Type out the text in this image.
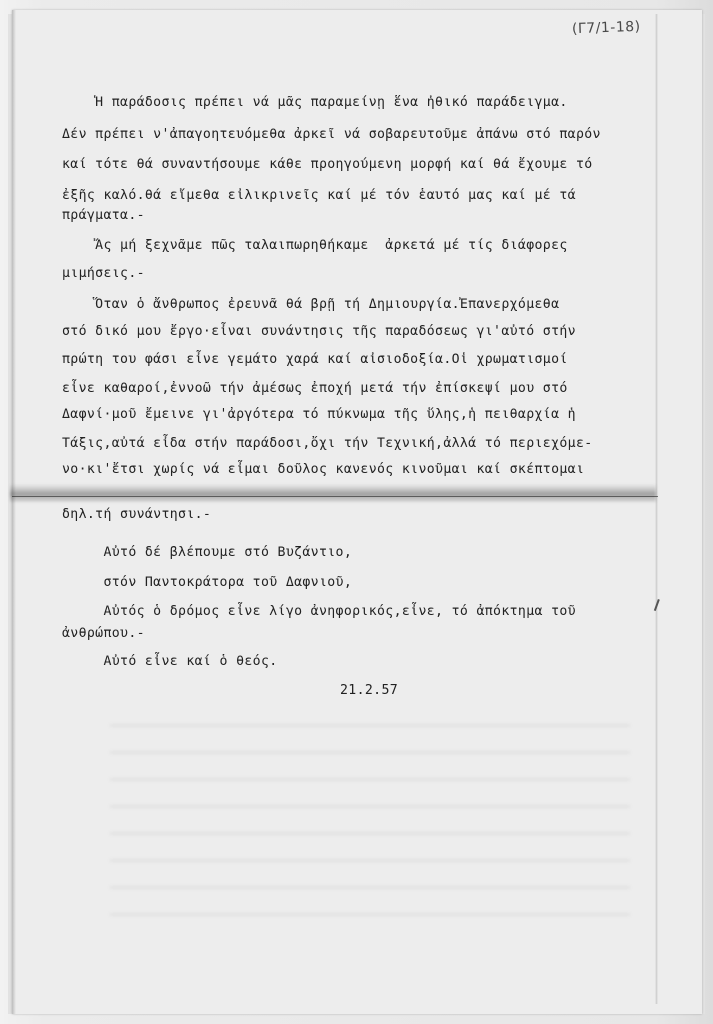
(Γ7/1-18)
Ἡ παράδοσις πρέπει νά μᾶς παραμείνῃ ἕνα ἠθικό παράδειγμα.
Δέν πρέπει ν'ἀπαγοητευόμεθα ἀρκεῖ νά σοβαρευτοῦμε ἀπάνω στό παρόν
καί τότε θά συναντήσουμε κάθε προηγούμενη μορφή καί θά ἔχουμε τό
ἐξῆς καλό.θά εἴμεθα εἰλικρινεῖς καί μέ τόν ἑαυτό μας καί μέ τά
πράγματα.-
Ἄς μή ξεχνᾶμε πῶς ταλαιπωρηθήκαμε  ἀρκετά μέ τίς διάφορες
μιμήσεις.-
Ὅταν ὁ ἄνθρωπος ἐρευνᾶ θά βρῇ τή Δημιουργία.Ἐπανερχόμεθα
στό δικό μου ἔργο·εἶναι συνάντησις τῆς παραδόσεως γι'αὐτό στήν
πρώτη του φάσι εἶνε γεμάτο χαρά καί αἰσιοδοξία.Οἱ χρωματισμοί
εἶνε καθαροί,ἐννοῶ τήν ἀμέσως ἐποχή μετά τήν ἐπίσκεψί μου στό
Δαφνί·μοῦ ἔμεινε γι'ἀργότερα τό πύκνωμα τῆς ὕλης,ἡ πειθαρχία ἡ
Τάξις,αὐτά εἶδα στήν παράδοσι,ὄχι τήν Τεχνική,ἀλλά τό περιεχόμε-
νο·κι'ἔτσι χωρίς νά εἶμαι δοῦλος κανενός κινοῦμαι καί σκέπτομαι
δηλ.τή συνάντησι.-
Αὐτό δέ βλέπουμε στό Βυζάντιο,
στόν Παντοκράτορα τοῦ Δαφνιοῦ,
Αὐτός ὁ δρόμος εἶνε λίγο ἀνηφορικός,εἶνε, τό ἀπόκτημα τοῦ
ἀνθρώπου.-
Αὐτό εἶνε καί ὁ θεός.
21.2.57
